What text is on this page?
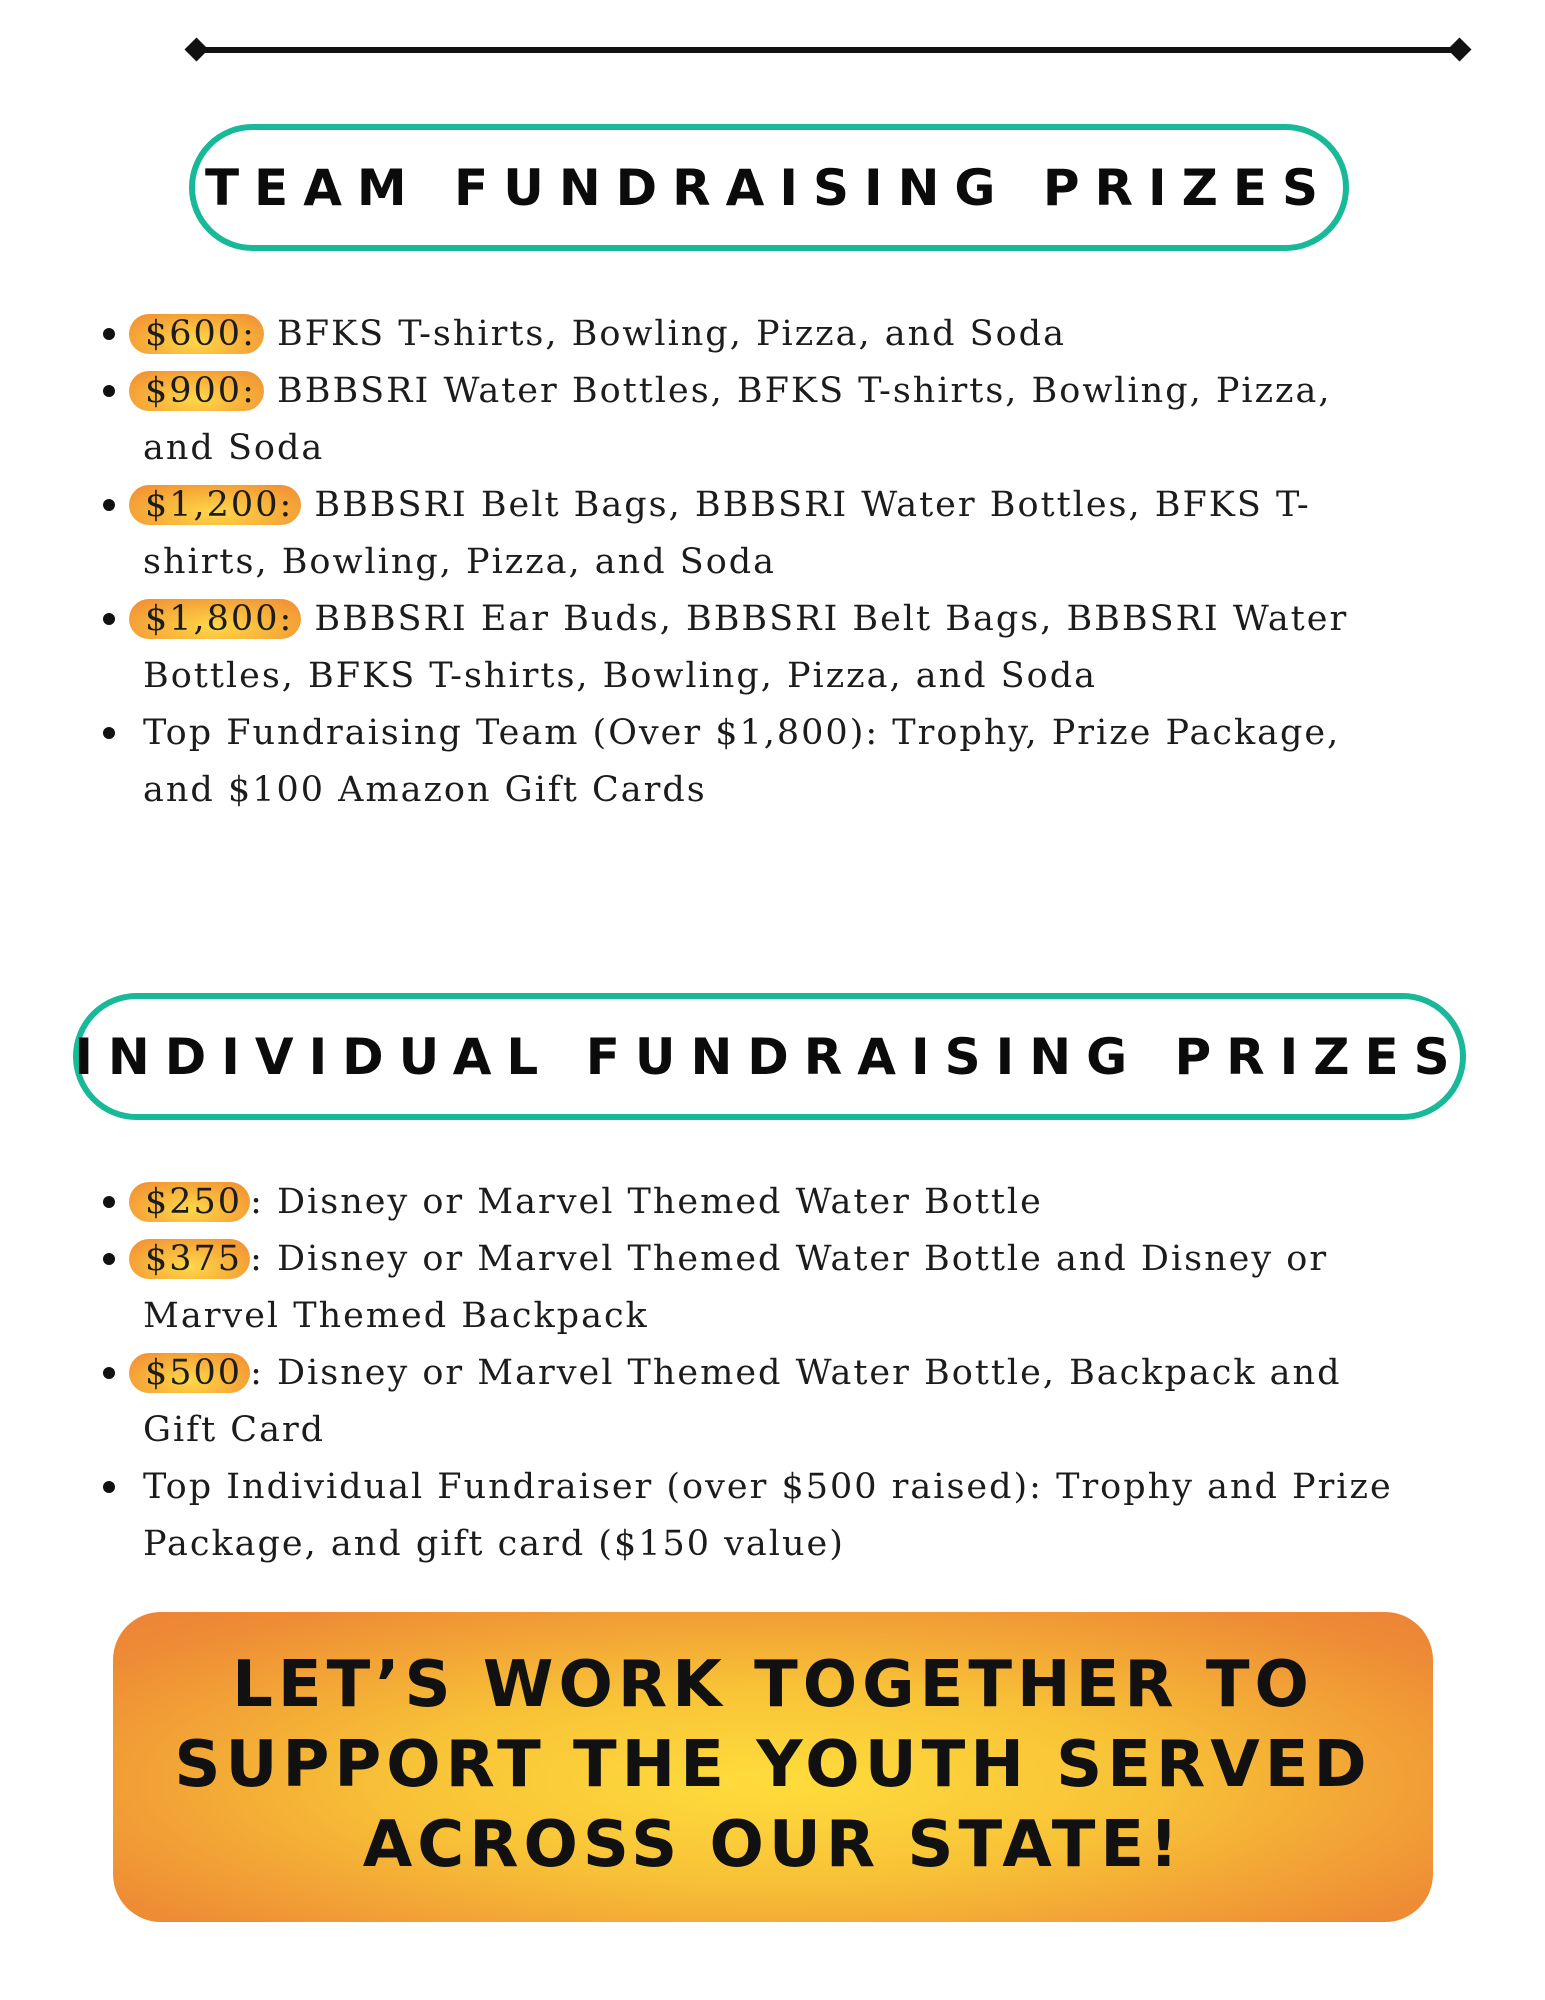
TEAM FUNDRAISING PRIZES
$600: BFKS T-shirts, Bowling, Pizza, and Soda
$900: BBBSRI Water Bottles, BFKS T-shirts, Bowling, Pizza, and Soda
$1,200: BBBSRI Belt Bags, BBBSRI Water Bottles, BFKS T-shirts, Bowling, Pizza, and Soda
$1,800: BBBSRI Ear Buds, BBBSRI Belt Bags, BBBSRI Water Bottles, BFKS T-shirts, Bowling, Pizza, and Soda
Top Fundraising Team (Over $1,800): Trophy, Prize Package, and $100 Amazon Gift Cards
INDIVIDUAL FUNDRAISING PRIZES
$250 : Disney or Marvel Themed Water Bottle
$375 : Disney or Marvel Themed Water Bottle and Disney or Marvel Themed Backpack
$500 : Disney or Marvel Themed Water Bottle, Backpack and Gift Card
Top Individual Fundraiser (over $500 raised): Trophy and Prize Package, and gift card ($150 value)
LET’S WORK TOGETHER TO
SUPPORT THE YOUTH SERVED
ACROSS OUR STATE!
